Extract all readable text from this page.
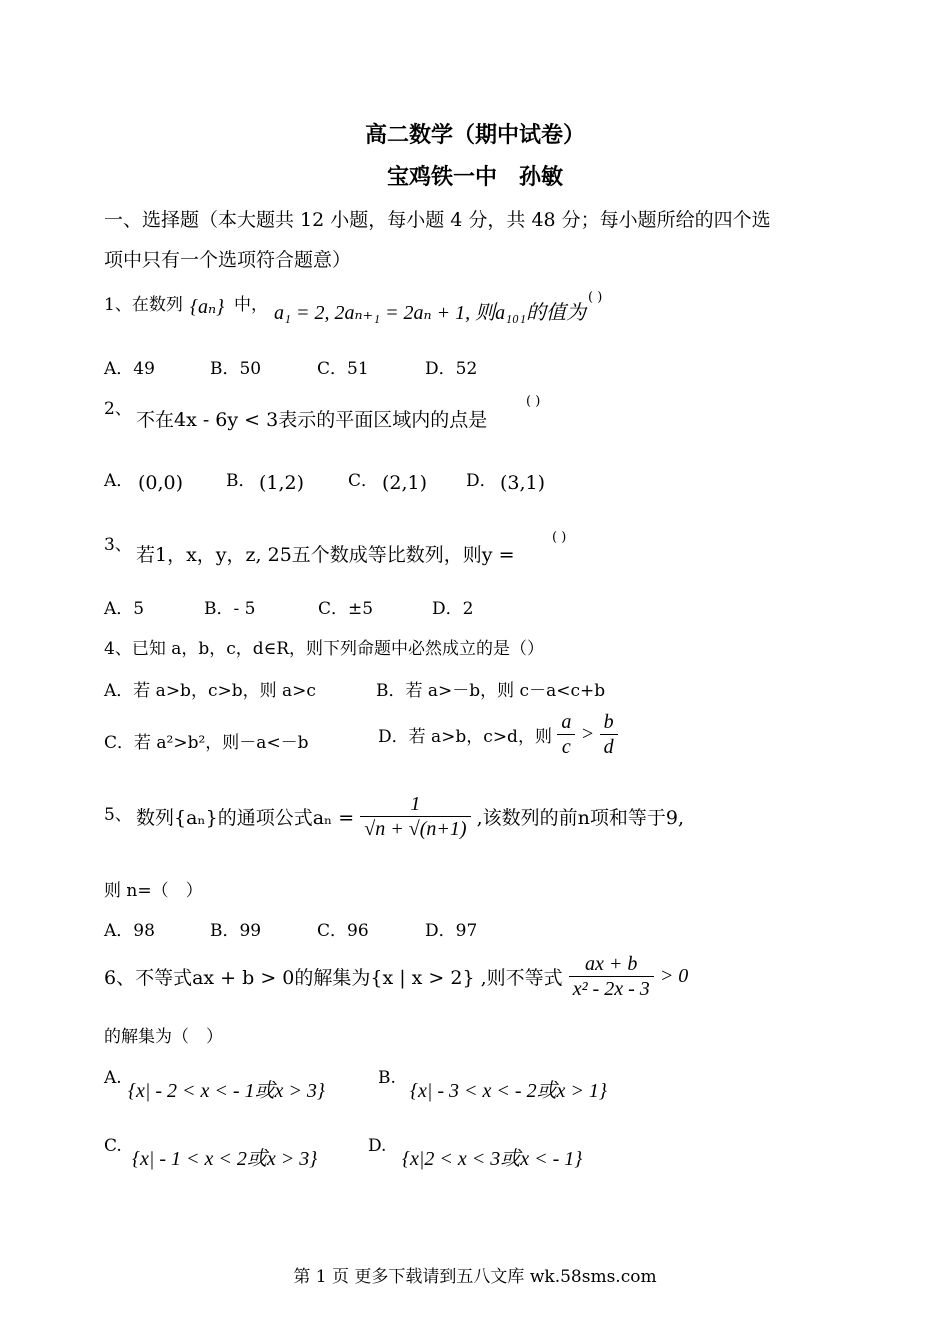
高二数学（期中试卷）
宝鸡铁一中　孙敏
一、选择题（本大题共 12 小题，每小题 4 分，共 48 分；每小题所给的四个选
项中只有一个选项符合题意）
1、在数列 {aₙ} 中， a₁ = 2, 2aₙ₊₁ = 2aₙ + 1, 则a₁₀₁的值为
( )
A．49	B．50	C．51	D．52
2、 不在4x - 6y < 3表示的平面区域内的点是
( )
A． (0,0)	B． (1,2)	C． (2,1) D． (3,1)
3、 若1，x，y，z, 25五个数成等比数列，则y =
( )
A．5	B．- 5	C．±5	D．2
4、已知 a，b，c，d∈R，则下列命题中必然成立的是（）
A．若 a>b，c>b，则 a>c	B．若 a>－b，则 c－a<c+b
C．若 a²>b²，则－a<－b	D．若 a>b，c>d，则 $\frac{a}{c} > \frac{b}{d}$
5、 数列{aₙ}的通项公式$a_n = \frac{1}{√n + √(n+1)}$ ,该数列的前n项和等于9,
则 n=（　）
A．98	B．99	C．96	D．97
6、不等式ax + b > 0的解集为{x | x > 2} ,则不等式 $\frac{ax + b}{\text{x² - 2x - 3}} > 0$
的解集为（　）
A.
{x| - 2 < x < - 1或x > 3}
B.
{x| - 3 < x < - 2或x > 1}
C.
{x| - 1 < x < 2或x > 3}
D.
{x|2 < x < 3或x < - 1}
第 1 页 更多下载请到五八文库 wk.58sms.com
